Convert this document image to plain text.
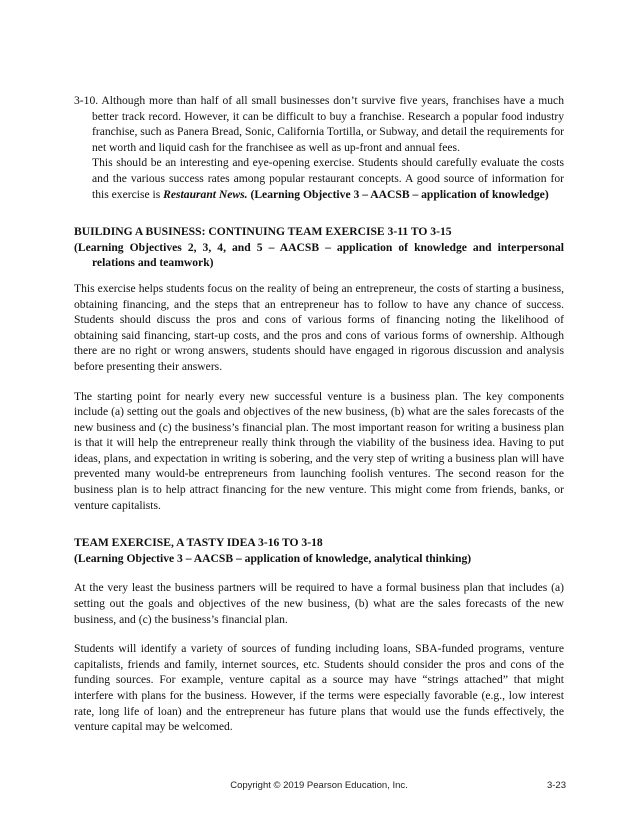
3-10. Although more than half of all small businesses don’t survive five years, franchises have a much better track record. However, it can be difficult to buy a franchise. Research a popular food industry franchise, such as Panera Bread, Sonic, California Tortilla, or Subway, and detail the requirements for net worth and liquid cash for the franchisee as well as up-front and annual fees.

This should be an interesting and eye-opening exercise. Students should carefully evaluate the costs and the various success rates among popular restaurant concepts. A good source of information for this exercise is Restaurant News. (Learning Objective 3 – AACSB – application of knowledge)

BUILDING A BUSINESS: CONTINUING TEAM EXERCISE 3-11 TO 3-15

(Learning Objectives 2, 3, 4, and 5 – AACSB – application of knowledge and interpersonal relations and teamwork)

This exercise helps students focus on the reality of being an entrepreneur, the costs of starting a business, obtaining financing, and the steps that an entrepreneur has to follow to have any chance of success. Students should discuss the pros and cons of various forms of financing noting the likelihood of obtaining said financing, start-up costs, and the pros and cons of various forms of ownership. Although there are no right or wrong answers, students should have engaged in rigorous discussion and analysis before presenting their answers.

The starting point for nearly every new successful venture is a business plan. The key components include (a) setting out the goals and objectives of the new business, (b) what are the sales forecasts of the new business and (c) the business’s financial plan. The most important reason for writing a business plan is that it will help the entrepreneur really think through the viability of the business idea. Having to put ideas, plans, and expectation in writing is sobering, and the very step of writing a business plan will have prevented many would-be entrepreneurs from launching foolish ventures. The second reason for the business plan is to help attract financing for the new venture. This might come from friends, banks, or venture capitalists.

TEAM EXERCISE, A TASTY IDEA 3-16 TO 3-18

(Learning Objective 3 – AACSB – application of knowledge, analytical thinking)

At the very least the business partners will be required to have a formal business plan that includes (a) setting out the goals and objectives of the new business, (b) what are the sales forecasts of the new business, and (c) the business’s financial plan.

Students will identify a variety of sources of funding including loans, SBA-funded programs, venture capitalists, friends and family, internet sources, etc. Students should consider the pros and cons of the funding sources. For example, venture capital as a source may have “strings attached” that might interfere with plans for the business. However, if the terms were especially favorable (e.g., low interest rate, long life of loan) and the entrepreneur has future plans that would use the funds effectively, the venture capital may be welcomed.

Copyright © 2019 Pearson Education, Inc.	3-23
